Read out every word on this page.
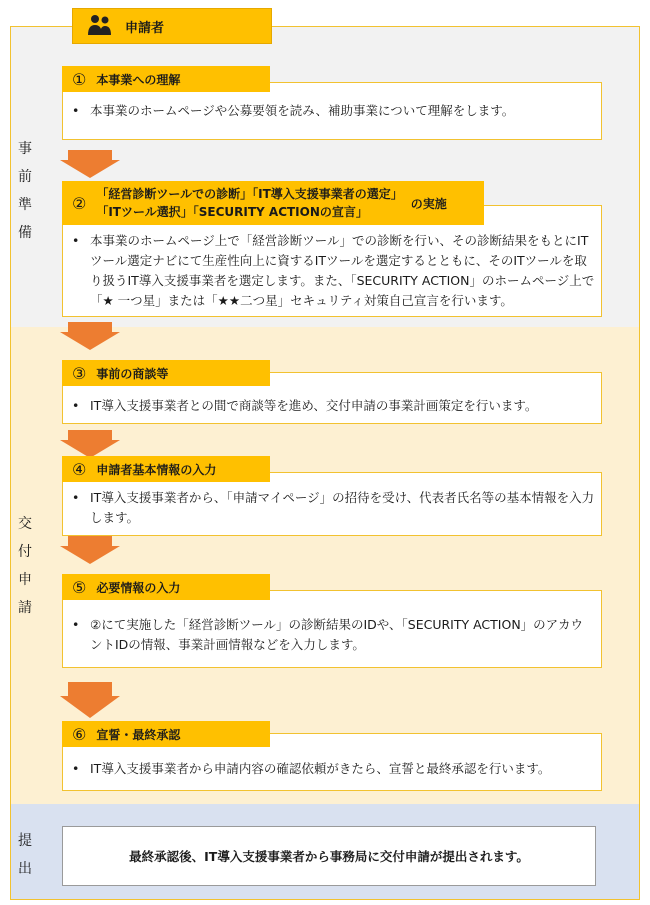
申請者
事
前
準
備
交
付
申
請
提
出
① 本事業への理解
• 本事業のホームページや公募要領を読み、補助事業について理解をします。
② 「経営診断ツールでの診断」「IT導入支援事業者の選定」
「ITツール選択」「SECURITY ACTIONの宣言」
の実施
• 本事業のホームページ上で「経営診断ツール」での診断を行い、その診断結果をもとにITツール選定ナビにて生産性向上に資するITツールを選定するとともに、そのITツールを取り扱うIT導入支援事業者を選定します。また、「SECURITY ACTION」のホームページ上で「★ 一つ星」または「★★二つ星」セキュリティ対策自己宣言を行います。
③ 事前の商談等
• IT導入支援事業者との間で商談等を進め、交付申請の事業計画策定を行います。
④ 申請者基本情報の入力
• IT導入支援事業者から、「申請マイページ」の招待を受け、代表者氏名等の基本情報を入力します。
⑤ 必要情報の入力
• ②にて実施した「経営診断ツール」の診断結果のIDや、「SECURITY ACTION」のアカウントIDの情報、事業計画情報などを入力します。
⑥ 宣誓・最終承認
• IT導入支援事業者から申請内容の確認依頼がきたら、宣誓と最終承認を行います。
最終承認後、IT導入支援事業者から事務局に交付申請が提出されます。
